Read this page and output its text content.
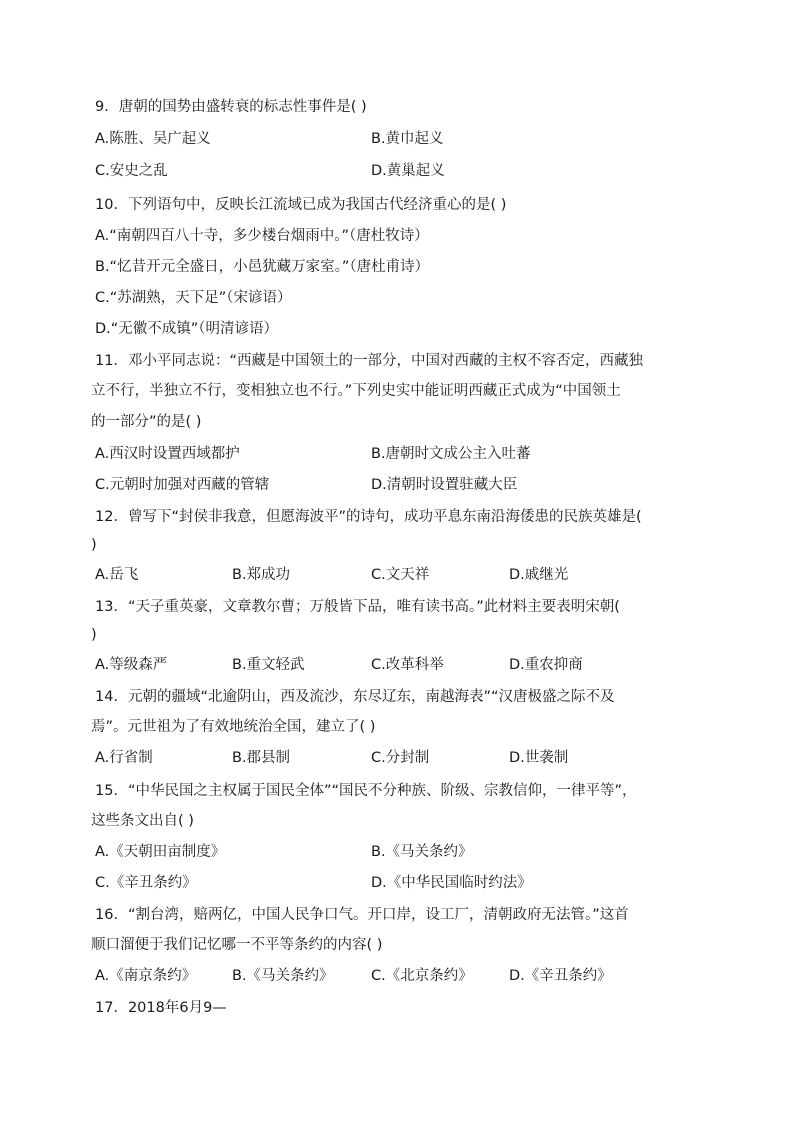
9．唐朝的国势由盛转衰的标志性事件是( )
A.陈胜、吴广起义	B.黄巾起义
C.安史之乱	D.黄巢起义
10．下列语句中，反映长江流域已成为我国古代经济重心的是( )
A.“南朝四百八十寺，多少楼台烟雨中。”（唐杜牧诗）
B.“忆昔开元全盛日，小邑犹藏万家室。”（唐杜甫诗）
C.“苏湖熟，天下足”（宋谚语）
D.“无徽不成镇”（明清谚语）
11．邓小平同志说：“西藏是中国领土的一部分，中国对西藏的主权不容否定，西藏独
立不行，半独立不行，变相独立也不行。”下列史实中能证明西藏正式成为“中国领土
的一部分”的是( )
A.西汉时设置西域都护	B.唐朝时文成公主入吐蕃
C.元朝时加强对西藏的管辖	D.清朝时设置驻藏大臣
12．曾写下“封侯非我意，但愿海波平”的诗句，成功平息东南沿海倭患的民族英雄是(
)
A.岳飞	B.郑成功	C.文天祥	D.戚继光
13．“天子重英豪，文章教尔曹；万般皆下品，唯有读书高。”此材料主要表明宋朝(
)
A.等级森严	B.重文轻武	C.改革科举	D.重农抑商
14．元朝的疆域“北逾阴山，西及流沙，东尽辽东，南越海表”“汉唐极盛之际不及
焉”。元世祖为了有效地统治全国，建立了( )
A.行省制	B.郡县制	C.分封制	D.世袭制
15．“中华民国之主权属于国民全体”“国民不分种族、阶级、宗教信仰，一律平等”，
这些条文出自( )
A.《天朝田亩制度》	B.《马关条约》
C.《辛丑条约》	D.《中华民国临时约法》
16．“割台湾，赔两亿，中国人民争口气。开口岸，设工厂，清朝政府无法管。”这首
顺口溜便于我们记忆哪一不平等条约的内容( )
A.《南京条约》 B.《马关条约》	C.《北京条约》	D.《辛丑条约》
17．2018年6月9—
